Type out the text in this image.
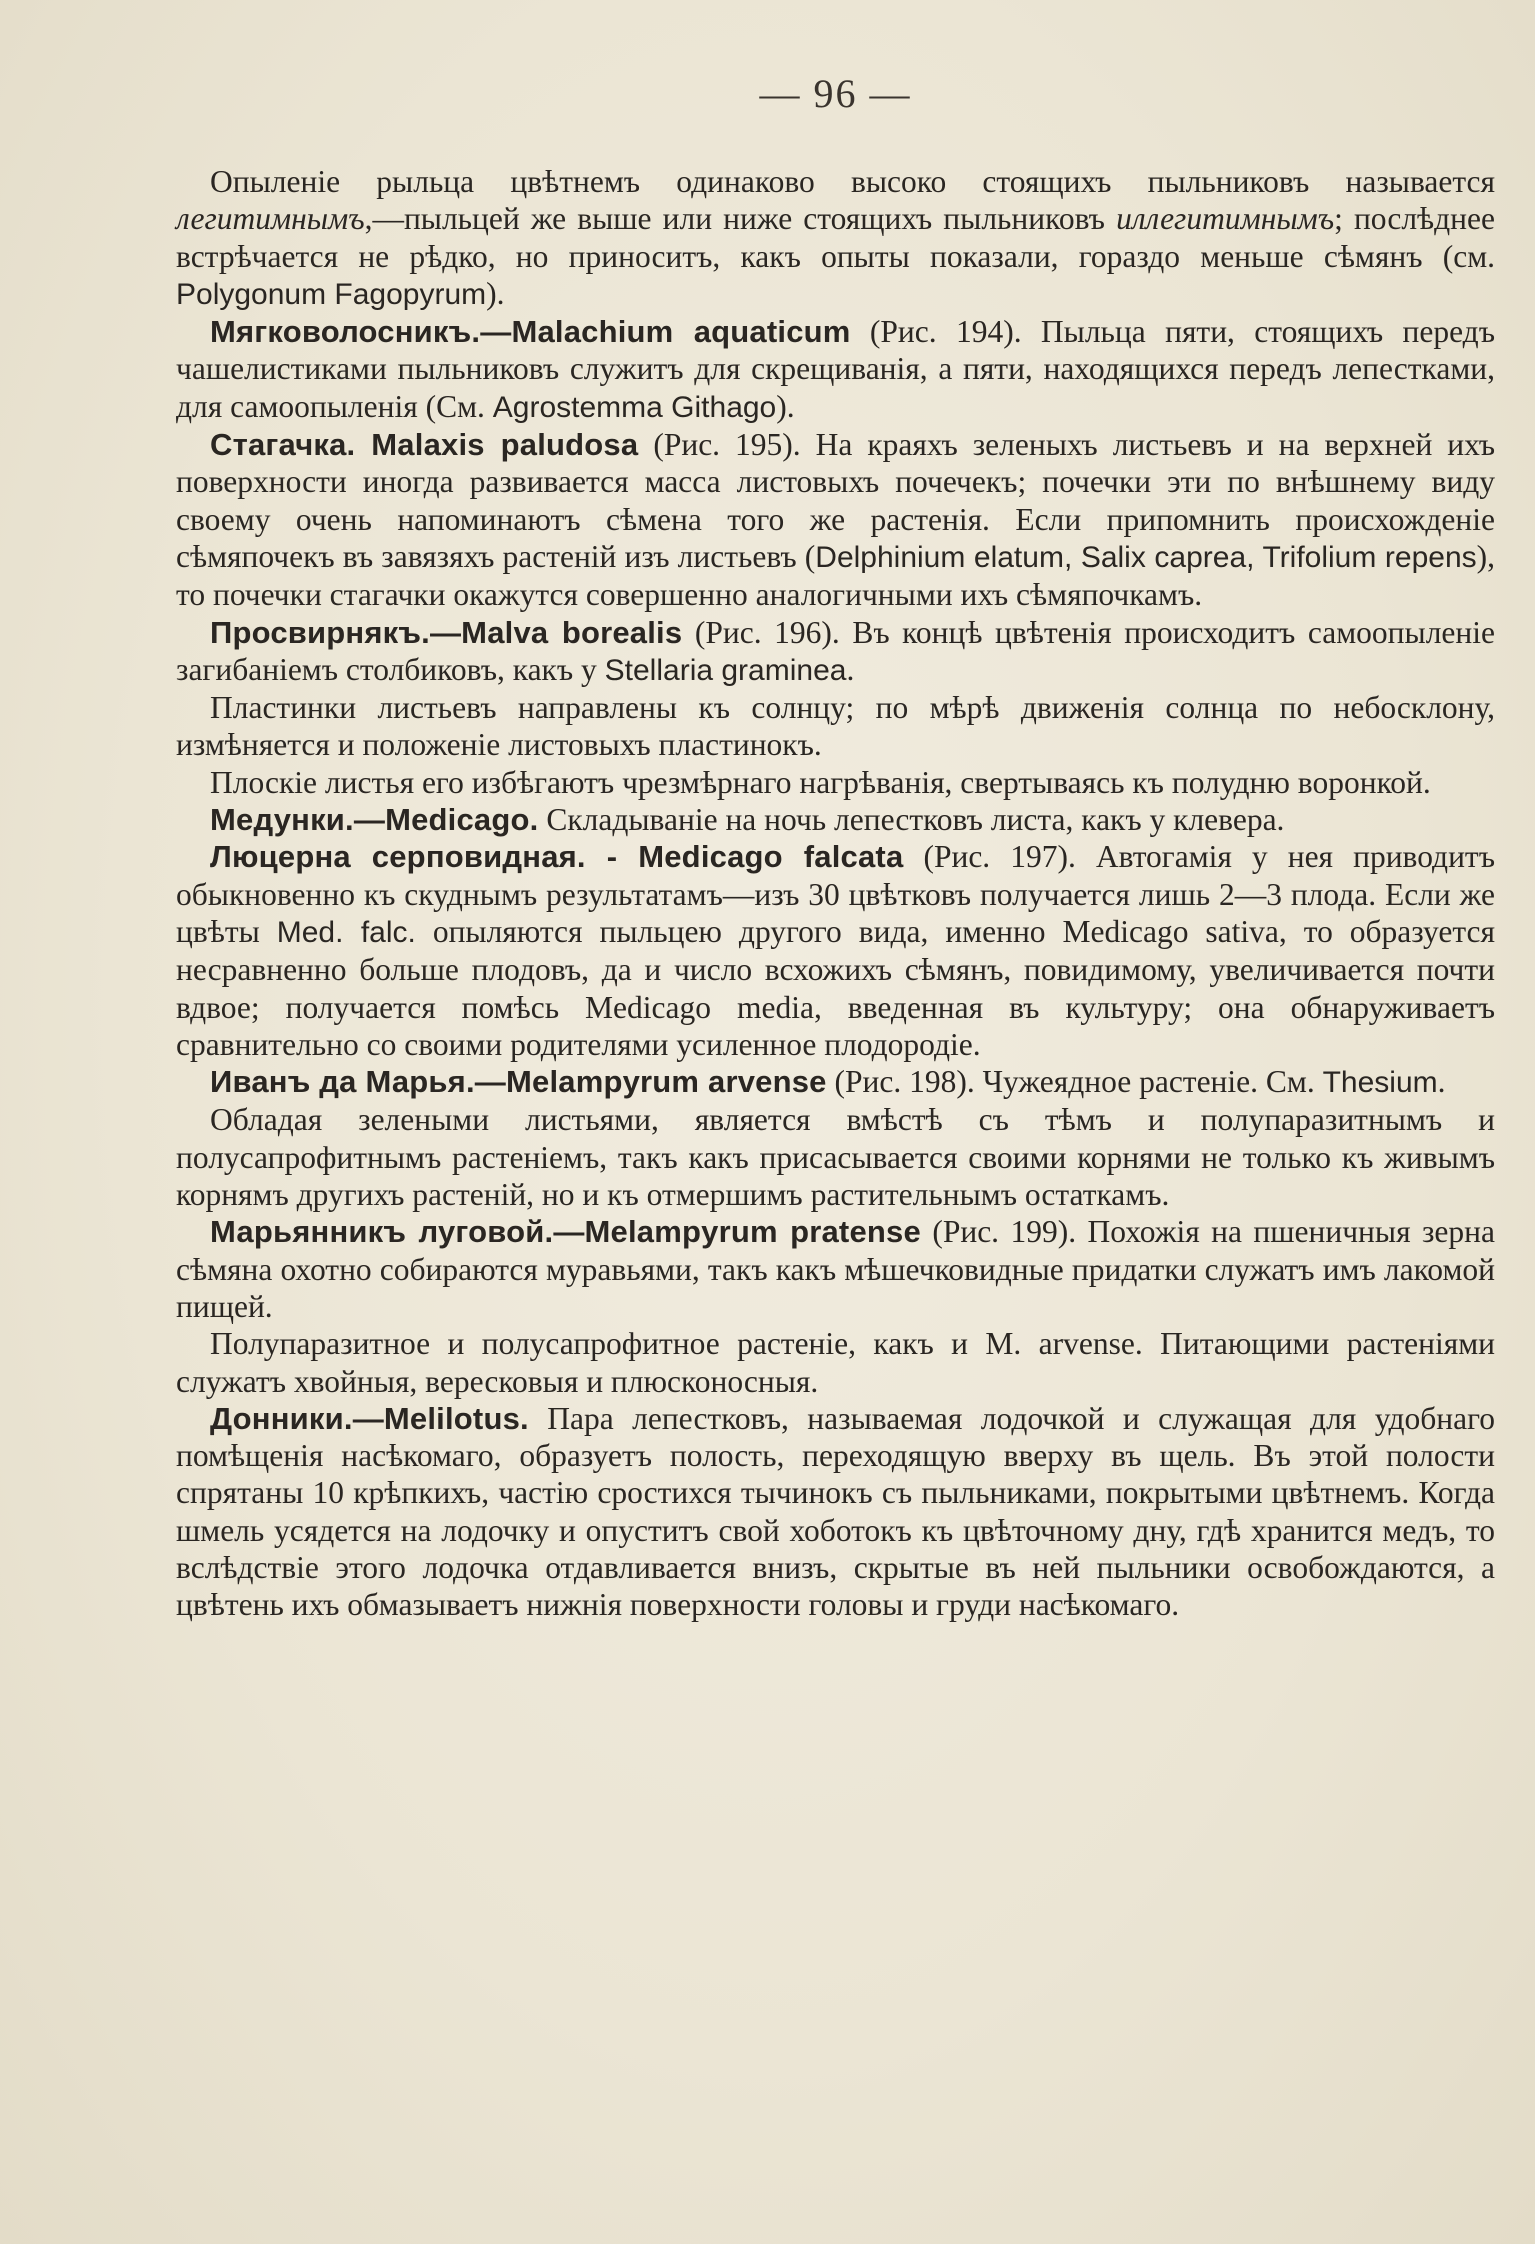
— 96 —

Опыленіе рыльца цвѣтнемъ одинаково высоко стоящихъ пыльниковъ называется легитимнымъ,—пыльцей же выше или ниже стоящихъ пыльниковъ иллегитимнымъ; послѣднее встрѣчается не рѣдко, но приноситъ, какъ опыты показали, гораздо меньше сѣмянъ (см. Polygonum Fagopyrum).

Мягковолосникъ.—Malachium aquaticum (Рис. 194). Пыльца пяти, стоящихъ передъ чашелистиками пыльниковъ служитъ для скрещиванія, а пяти, находящихся передъ лепестками, для самоопыленія (См. Agrostemma Githago).

Стагачка. Malaxis paludosa (Рис. 195). На краяхъ зеленыхъ листьевъ и на верхней ихъ поверхности иногда развивается масса листовыхъ почечекъ; почечки эти по внѣшнему виду своему очень напоминаютъ сѣмена того же растенія. Если припомнить происхожденіе сѣмяпочекъ въ завязяхъ растеній изъ листьевъ (Delphinium elatum, Salix caprea, Trifolium repens), то почечки стагачки окажутся совершенно аналогичными ихъ сѣмяпочкамъ.

Просвирнякъ.—Malva borealis (Рис. 196). Въ концѣ цвѣтенія происходитъ самоопыленіе загибаніемъ столбиковъ, какъ у Stellaria graminea.

Пластинки листьевъ направлены къ солнцу; по мѣрѣ движенія солнца по небосклону, измѣняется и положеніе листовыхъ пластинокъ.

Плоскіе листья его избѣгаютъ чрезмѣрнаго нагрѣванія, свертываясь къ полудню воронкой.

Медунки.—Medicago. Складываніе на ночь лепестковъ листа, какъ у клевера.

Люцерна серповидная. - Medicago falcata (Рис. 197). Автогамія у нея приводитъ обыкновенно къ скуднымъ результатамъ—изъ 30 цвѣтковъ получается лишь 2—3 плода. Если же цвѣты Med. falc. опыляются пыльцею другого вида, именно Medicago sativa, то образуется несравненно больше плодовъ, да и число всхожихъ сѣмянъ, повидимому, увеличивается почти вдвое; получается помѣсь Medicago media, введенная въ культуру; она обнаруживаетъ сравнительно со своими родителями усиленное плодородіе.

Иванъ да Марья.—Melampyrum arvense (Рис. 198). Чужеядное растеніе. См. Thesium.

Обладая зелеными листьями, является вмѣстѣ съ тѣмъ и полупаразитнымъ и полусапрофитнымъ растеніемъ, такъ какъ присасывается своими корнями не только къ живымъ корнямъ другихъ растеній, но и къ отмершимъ растительнымъ остаткамъ.

Марьянникъ луговой.—Melampyrum pratense (Рис. 199). Похожія на пшеничныя зерна сѣмяна охотно собираются муравьями, такъ какъ мѣшечковидные придатки служатъ имъ лакомой пищей.

Полупаразитное и полусапрофитное растеніе, какъ и M. arvense. Питающими растеніями служатъ хвойныя, вересковыя и плюсконосныя.

Донники.—Melilotus. Пара лепестковъ, называемая лодочкой и служащая для удобнаго помѣщенія насѣкомаго, образуетъ полость, переходящую вверху въ щель. Въ этой полости спрятаны 10 крѣпкихъ, частію сростихся тычинокъ съ пыльниками, покрытыми цвѣтнемъ. Когда шмель усядется на лодочку и опуститъ свой хоботокъ къ цвѣточному дну, гдѣ хранится медъ, то вслѣдствіе этого лодочка отдавливается внизъ, скрытые въ ней пыльники освобождаются, а цвѣтень ихъ обмазываетъ нижнія поверхности головы и груди насѣкомаго.
